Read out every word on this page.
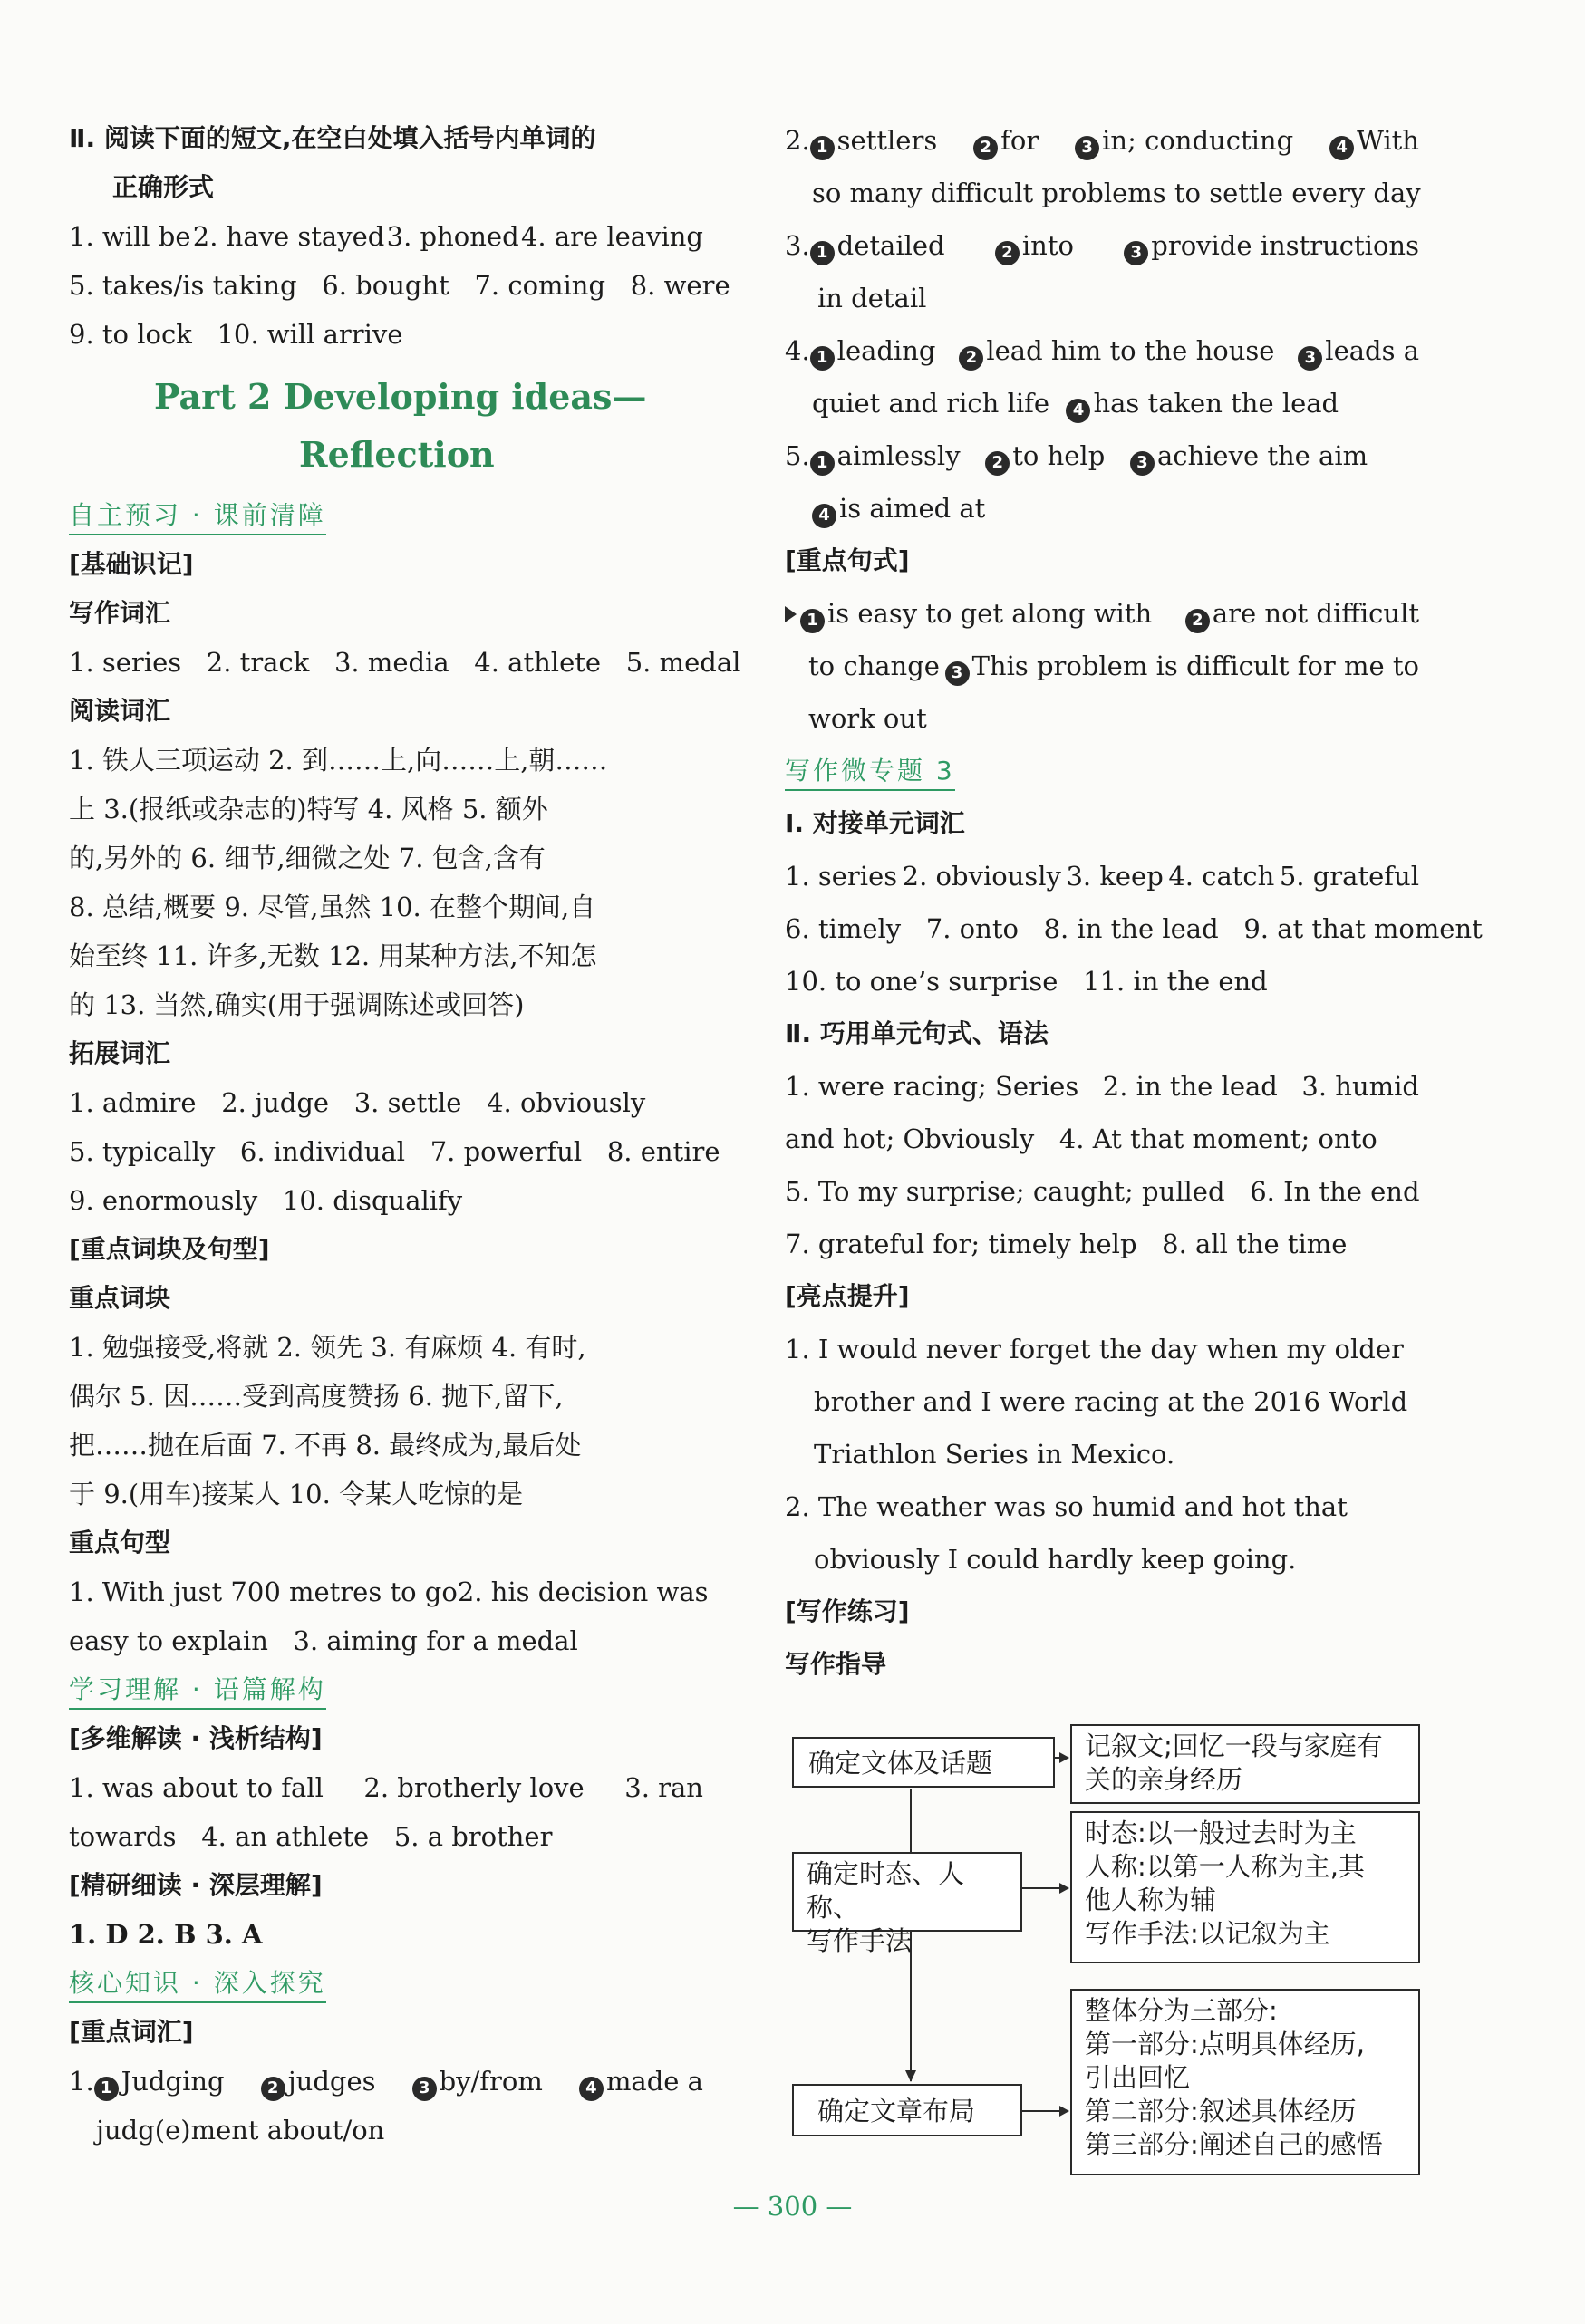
Ⅱ. 阅读下面的短文,在空白处填入括号内单词的
正确形式
1. will be 2. have stayed 3. phoned 4. are leaving
5. takes/is taking 6. bought 7. coming 8. were
9. to lock 10. will arrive
Part 2 Developing ideas—
Reflection
自主预习 · 课前清障
[基础识记]
写作词汇
1. series 2. track 3. media 4. athlete 5. medal
阅读词汇
1. 铁人三项运动 2. 到……上,向……上,朝……
上 3.(报纸或杂志的)特写 4. 风格 5. 额外
的,另外的 6. 细节,细微之处 7. 包含,含有
8. 总结,概要 9. 尽管,虽然 10. 在整个期间,自
始至终 11. 许多,无数 12. 用某种方法,不知怎
的 13. 当然,确实(用于强调陈述或回答)
拓展词汇
1. admire 2. judge 3. settle 4. obviously
5. typically 6. individual 7. powerful 8. entire
9. enormously 10. disqualify
[重点词块及句型]
重点词块
1. 勉强接受,将就 2. 领先 3. 有麻烦 4. 有时,
偶尔 5. 因……受到高度赞扬 6. 抛下,留下,
把……抛在后面 7. 不再 8. 最终成为,最后处
于 9.(用车)接某人 10. 令某人吃惊的是
重点句型
1. With just 700 metres to go 2. his decision was
easy to explain 3. aiming for a medal
学习理解 · 语篇解构
[多维解读 · 浅析结构]
1. was about to fall 2. brotherly love 3. ran
towards 4. an athlete 5. a brother
[精研细读 · 深层理解]
1. D 2. B 3. A
核心知识 · 深入探究
[重点词汇]
1. 1 Judging	2 judges	3 by/from	4 made a
judg(e)ment about/on
2. 1 settlers	2 for	3 in; conducting	4 With
so many difficult problems to settle every day
3. 1 detailed	2 into	3 provide instructions
in detail
4. 1 leading	2 lead him to the house	3 leads a
quiet and rich life 4 has taken the lead
5. 1 aimlessly 2 to help 3 achieve the aim
4 is aimed at
[重点句式]
1 is easy to get along with	2 are not difficult
to change 3 This problem is difficult for me to
work out
写作微专题 3
Ⅰ. 对接单元词汇
1. series 2. obviously 3. keep 4. catch 5. grateful
6. timely 7. onto 8. in the lead 9. at that moment
10. to one’s surprise 11. in the end
Ⅱ. 巧用单元句式、语法
1. were racing; Series 2. in the lead 3. humid
and hot; Obviously 4. At that moment; onto
5. To my surprise; caught; pulled 6. In the end
7. grateful for; timely help 8. all the time
[亮点提升]
1. I would never forget the day when my older
brother and I were racing at the 2016 World
Triathlon Series in Mexico.
2. The weather was so humid and hot that
obviously I could hardly keep going.
[写作练习]
写作指导
确定文体及话题
记叙文;回忆一段与家庭有
关的亲身经历
确定时态、人称、
写作手法
时态:以一般过去时为主
人称:以第一人称为主,其
他人称为辅
写作手法:以记叙为主
确定文章布局
整体分为三部分:
第一部分:点明具体经历,
引出回忆
第二部分:叙述具体经历
第三部分:阐述自己的感悟
— 300 —
